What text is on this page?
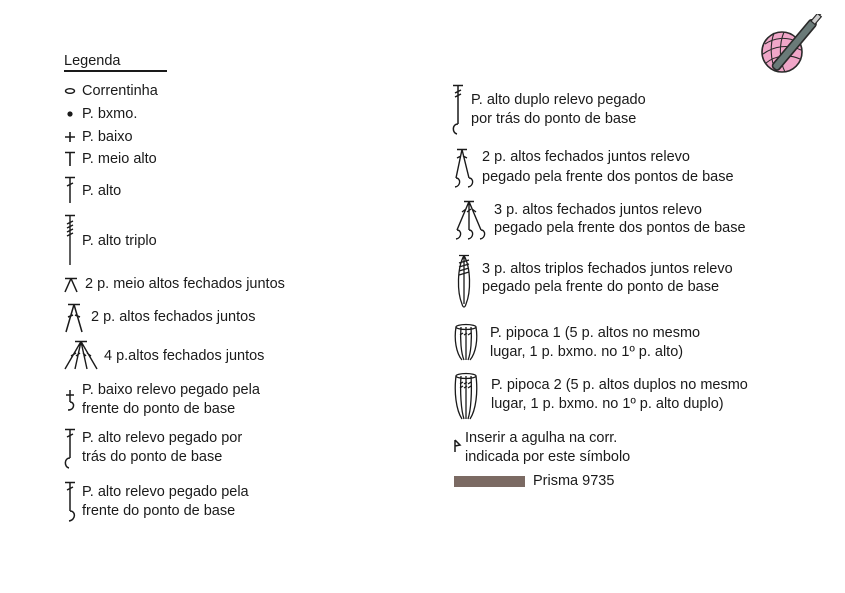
Legenda
Correntinha
P. bxmo.
P. baixo
P. meio alto
P. alto
P. alto triplo
2 p. meio altos fechados juntos
2 p. altos fechados juntos
4 p.altos fechados juntos
P. baixo relevo pegado pela
frente do ponto de base
P. alto relevo pegado por
trás do ponto de base
P. alto relevo pegado pela
frente do ponto de base
P. alto duplo relevo pegado
por trás do ponto de base
2 p. altos fechados juntos relevo
pegado pela frente dos pontos de base
3 p. altos fechados juntos relevo
pegado pela frente dos pontos de base
3 p. altos triplos fechados juntos relevo
pegado pela frente do ponto de base
P. pipoca 1 (5 p. altos no mesmo
lugar, 1 p. bxmo. no 1º p. alto)
P. pipoca 2 (5 p. altos duplos no mesmo
lugar, 1 p. bxmo. no 1º p. alto duplo)
Inserir a agulha na corr.
indicada por este símbolo
Prisma 9735
